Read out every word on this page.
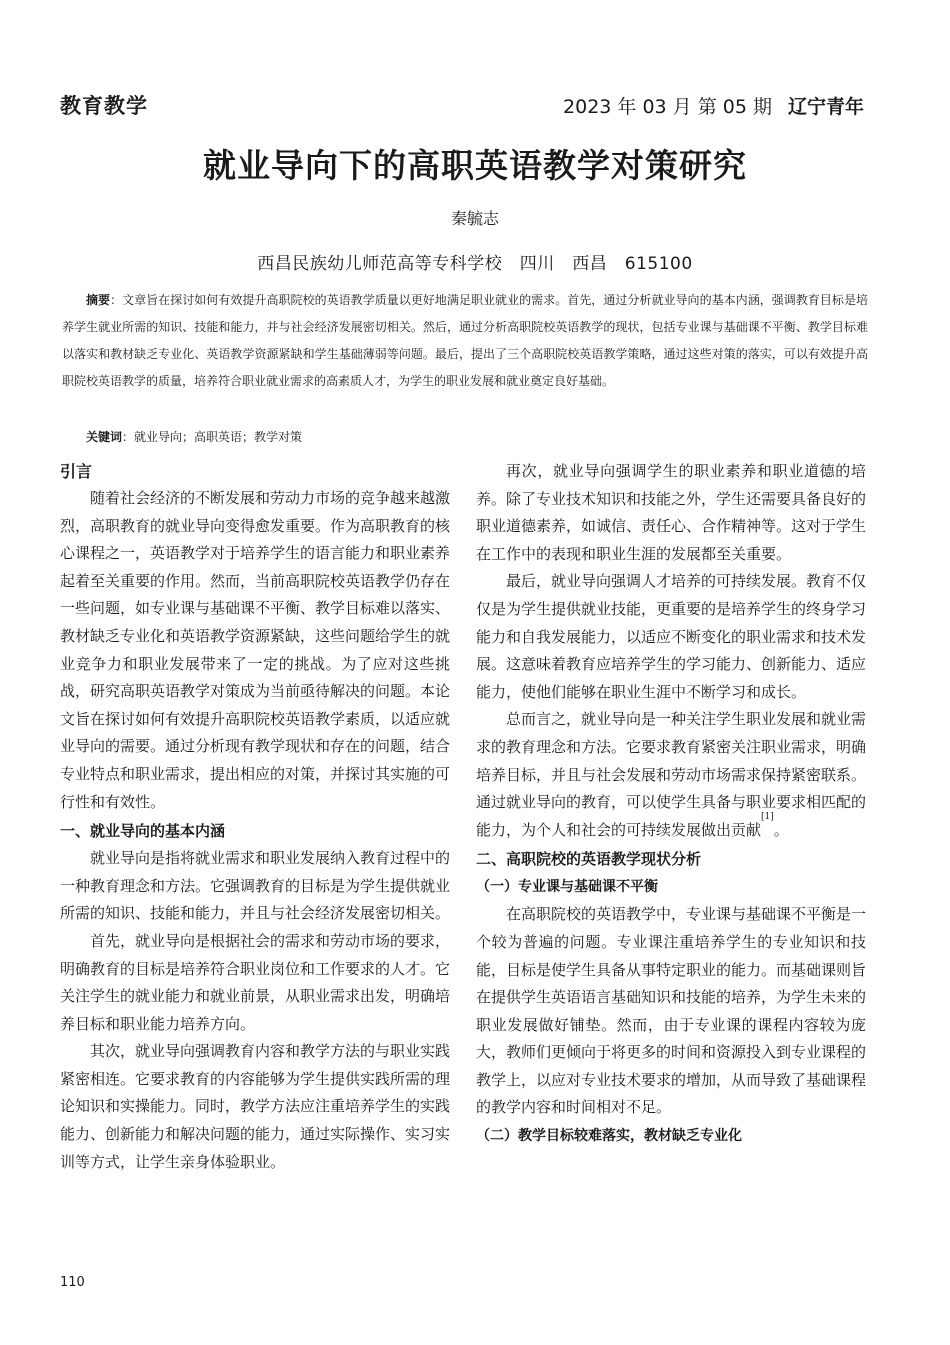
教育教学	2023 年 03 月 第 05 期 辽宁青年
就业导向下的高职英语教学对策研究
秦毓志
西昌民族幼儿师范高等专科学校　四川　西昌　615100

摘要：文章旨在探讨如何有效提升高职院校的英语教学质量以更好地满足职业就业的需求。首先，通过分析就业导向的基本内涵，强调教育目标是培养学生就业所需的知识、技能和能力，并与社会经济发展密切相关。然后，通过分析高职院校英语教学的现状，包括专业课与基础课不平衡、教学目标难以落实和教材缺乏专业化、英语教学资源紧缺和学生基础薄弱等问题。最后，提出了三个高职院校英语教学策略，通过这些对策的落实，可以有效提升高职院校英语教学的质量，培养符合职业就业需求的高素质人才，为学生的职业发展和就业奠定良好基础。

关键词：就业导向；高职英语；教学对策
引言

随着社会经济的不断发展和劳动力市场的竞争越来越激烈，高职教育的就业导向变得愈发重要。作为高职教育的核心课程之一，英语教学对于培养学生的语言能力和职业素养起着至关重要的作用。然而，当前高职院校英语教学仍存在一些问题，如专业课与基础课不平衡、教学目标难以落实、教材缺乏专业化和英语教学资源紧缺，这些问题给学生的就业竞争力和职业发展带来了一定的挑战。为了应对这些挑战，研究高职英语教学对策成为当前亟待解决的问题。本论文旨在探讨如何有效提升高职院校英语教学素质，以适应就业导向的需要。通过分析现有教学现状和存在的问题，结合专业特点和职业需求，提出相应的对策，并探讨其实施的可行性和有效性。

一、就业导向的基本内涵

就业导向是指将就业需求和职业发展纳入教育过程中的一种教育理念和方法。它强调教育的目标是为学生提供就业所需的知识、技能和能力，并且与社会经济发展密切相关。

首先，就业导向是根据社会的需求和劳动市场的要求，明确教育的目标是培养符合职业岗位和工作要求的人才。它关注学生的就业能力和就业前景，从职业需求出发，明确培养目标和职业能力培养方向。

其次，就业导向强调教育内容和教学方法的与职业实践紧密相连。它要求教育的内容能够为学生提供实践所需的理论知识和实操能力。同时，教学方法应注重培养学生的实践能力、创新能力和解决问题的能力，通过实际操作、实习实训等方式，让学生亲身体验职业。

再次，就业导向强调学生的职业素养和职业道德的培养。除了专业技术知识和技能之外，学生还需要具备良好的职业道德素养，如诚信、责任心、合作精神等。这对于学生在工作中的表现和职业生涯的发展都至关重要。

最后，就业导向强调人才培养的可持续发展。教育不仅仅是为学生提供就业技能，更重要的是培养学生的终身学习能力和自我发展能力，以适应不断变化的职业需求和技术发展。这意味着教育应培养学生的学习能力、创新能力、适应能力，使他们能够在职业生涯中不断学习和成长。

总而言之，就业导向是一种关注学生职业发展和就业需求的教育理念和方法。它要求教育紧密关注职业需求，明确培养目标，并且与社会发展和劳动市场需求保持紧密联系。通过就业导向的教育，可以使学生具备与职业要求相匹配的能力，为个人和社会的可持续发展做出贡献[1]。

二、高职院校的英语教学现状分析
（一）专业课与基础课不平衡

在高职院校的英语教学中，专业课与基础课不平衡是一个较为普遍的问题。专业课注重培养学生的专业知识和技能，目标是使学生具备从事特定职业的能力。而基础课则旨在提供学生英语语言基础知识和技能的培养，为学生未来的职业发展做好铺垫。然而，由于专业课的课程内容较为庞大，教师们更倾向于将更多的时间和资源投入到专业课程的教学上，以应对专业技术要求的增加，从而导致了基础课程的教学内容和时间相对不足。

（二）教学目标较难落实，教材缺乏专业化
110
